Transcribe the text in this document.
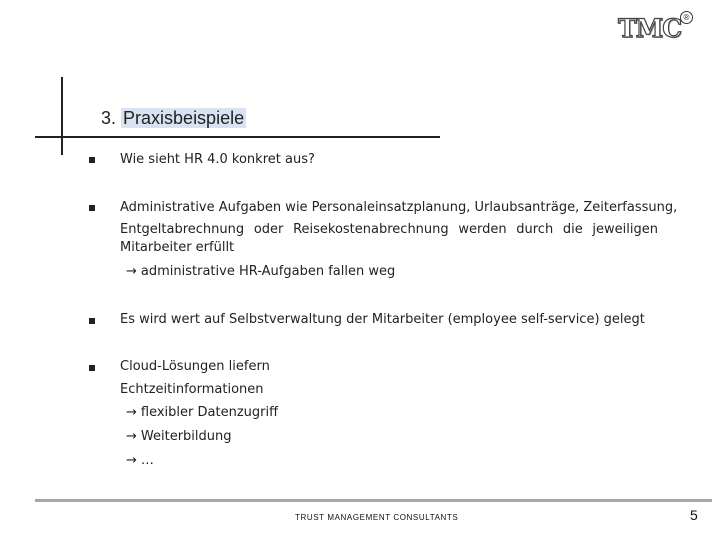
TMC ®
3. Praxisbeispiele
Wie sieht HR 4.0 konkret aus?
Administrative Aufgaben wie Personaleinsatzplanung, Urlaubsanträge, Zeiterfassung,
Entgeltabrechnung oder Reisekostenabrechnung werden durch die jeweiligen
Mitarbeiter erfüllt
→ administrative HR-Aufgaben fallen weg
Es wird wert auf Selbstverwaltung der Mitarbeiter (employee self-service) gelegt
Cloud-Lösungen liefern
Echtzeitinformationen
→ flexibler Datenzugriff
→ Weiterbildung
→ …
TRUST MANAGEMENT CONSULTANTS	5
